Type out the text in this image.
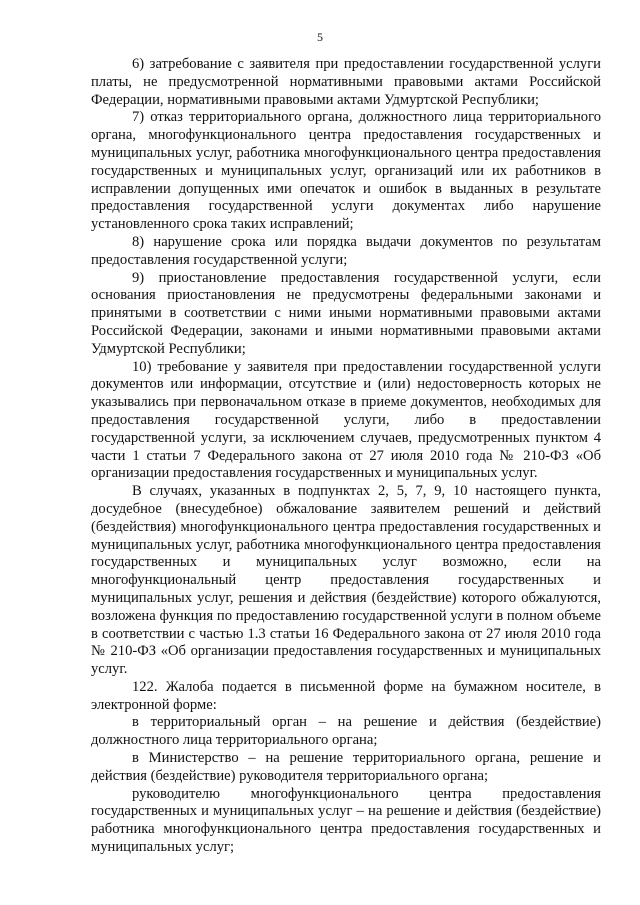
5

6) затребование с заявителя при предоставлении государственной услуги платы, не предусмотренной нормативными правовыми актами Российской Федерации, нормативными правовыми актами Удмуртской Республики;

7) отказ территориального органа, должностного лица территориального органа, многофункционального центра предоставления государственных и муниципальных услуг, работника многофункционального центра предоставления государственных и муниципальных услуг, организаций или их работников в исправлении допущенных ими опечаток и ошибок в выданных в результате предоставления государственной услуги документах либо нарушение установленного срока таких исправлений;

8) нарушение срока или порядка выдачи документов по результатам предоставления государственной услуги;

9) приостановление предоставления государственной услуги, если основания приостановления не предусмотрены федеральными законами и принятыми в соответствии с ними иными нормативными правовыми актами Российской Федерации, законами и иными нормативными правовыми актами Удмуртской Республики;

10) требование у заявителя при предоставлении государственной услуги документов или информации, отсутствие и (или) недостоверность которых не указывались при первоначальном отказе в приеме документов, необходимых для предоставления государственной услуги, либо в предоставлении государственной услуги, за исключением случаев, предусмотренных пунктом 4 части 1 статьи 7 Федерального закона от 27 июля 2010 года № 210-ФЗ «Об организации предоставления государственных и муниципальных услуг.

В случаях, указанных в подпунктах 2, 5, 7, 9, 10 настоящего пункта, досудебное (внесудебное) обжалование заявителем решений и действий (бездействия) многофункционального центра предоставления государственных и муниципальных услуг, работника многофункционального центра предоставления государственных и муниципальных услуг возможно, если на многофункциональный центр предоставления государственных и муниципальных услуг, решения и действия (бездействие) которого обжалуются, возложена функция по предоставлению государственной услуги в полном объеме в соответствии с частью 1.3 статьи 16 Федерального закона от 27 июля 2010 года № 210-ФЗ «Об организации предоставления государственных и муниципальных услуг.

122. Жалоба подается в письменной форме на бумажном носителе, в электронной форме:

в территориальный орган – на решение и действия (бездействие) должностного лица территориального органа;

в Министерство – на решение территориального органа, решение и действия (бездействие) руководителя территориального органа;

руководителю многофункционального центра предоставления государственных и муниципальных услуг – на решение и действия (бездействие) работника многофункционального центра предоставления государственных и муниципальных услуг;
